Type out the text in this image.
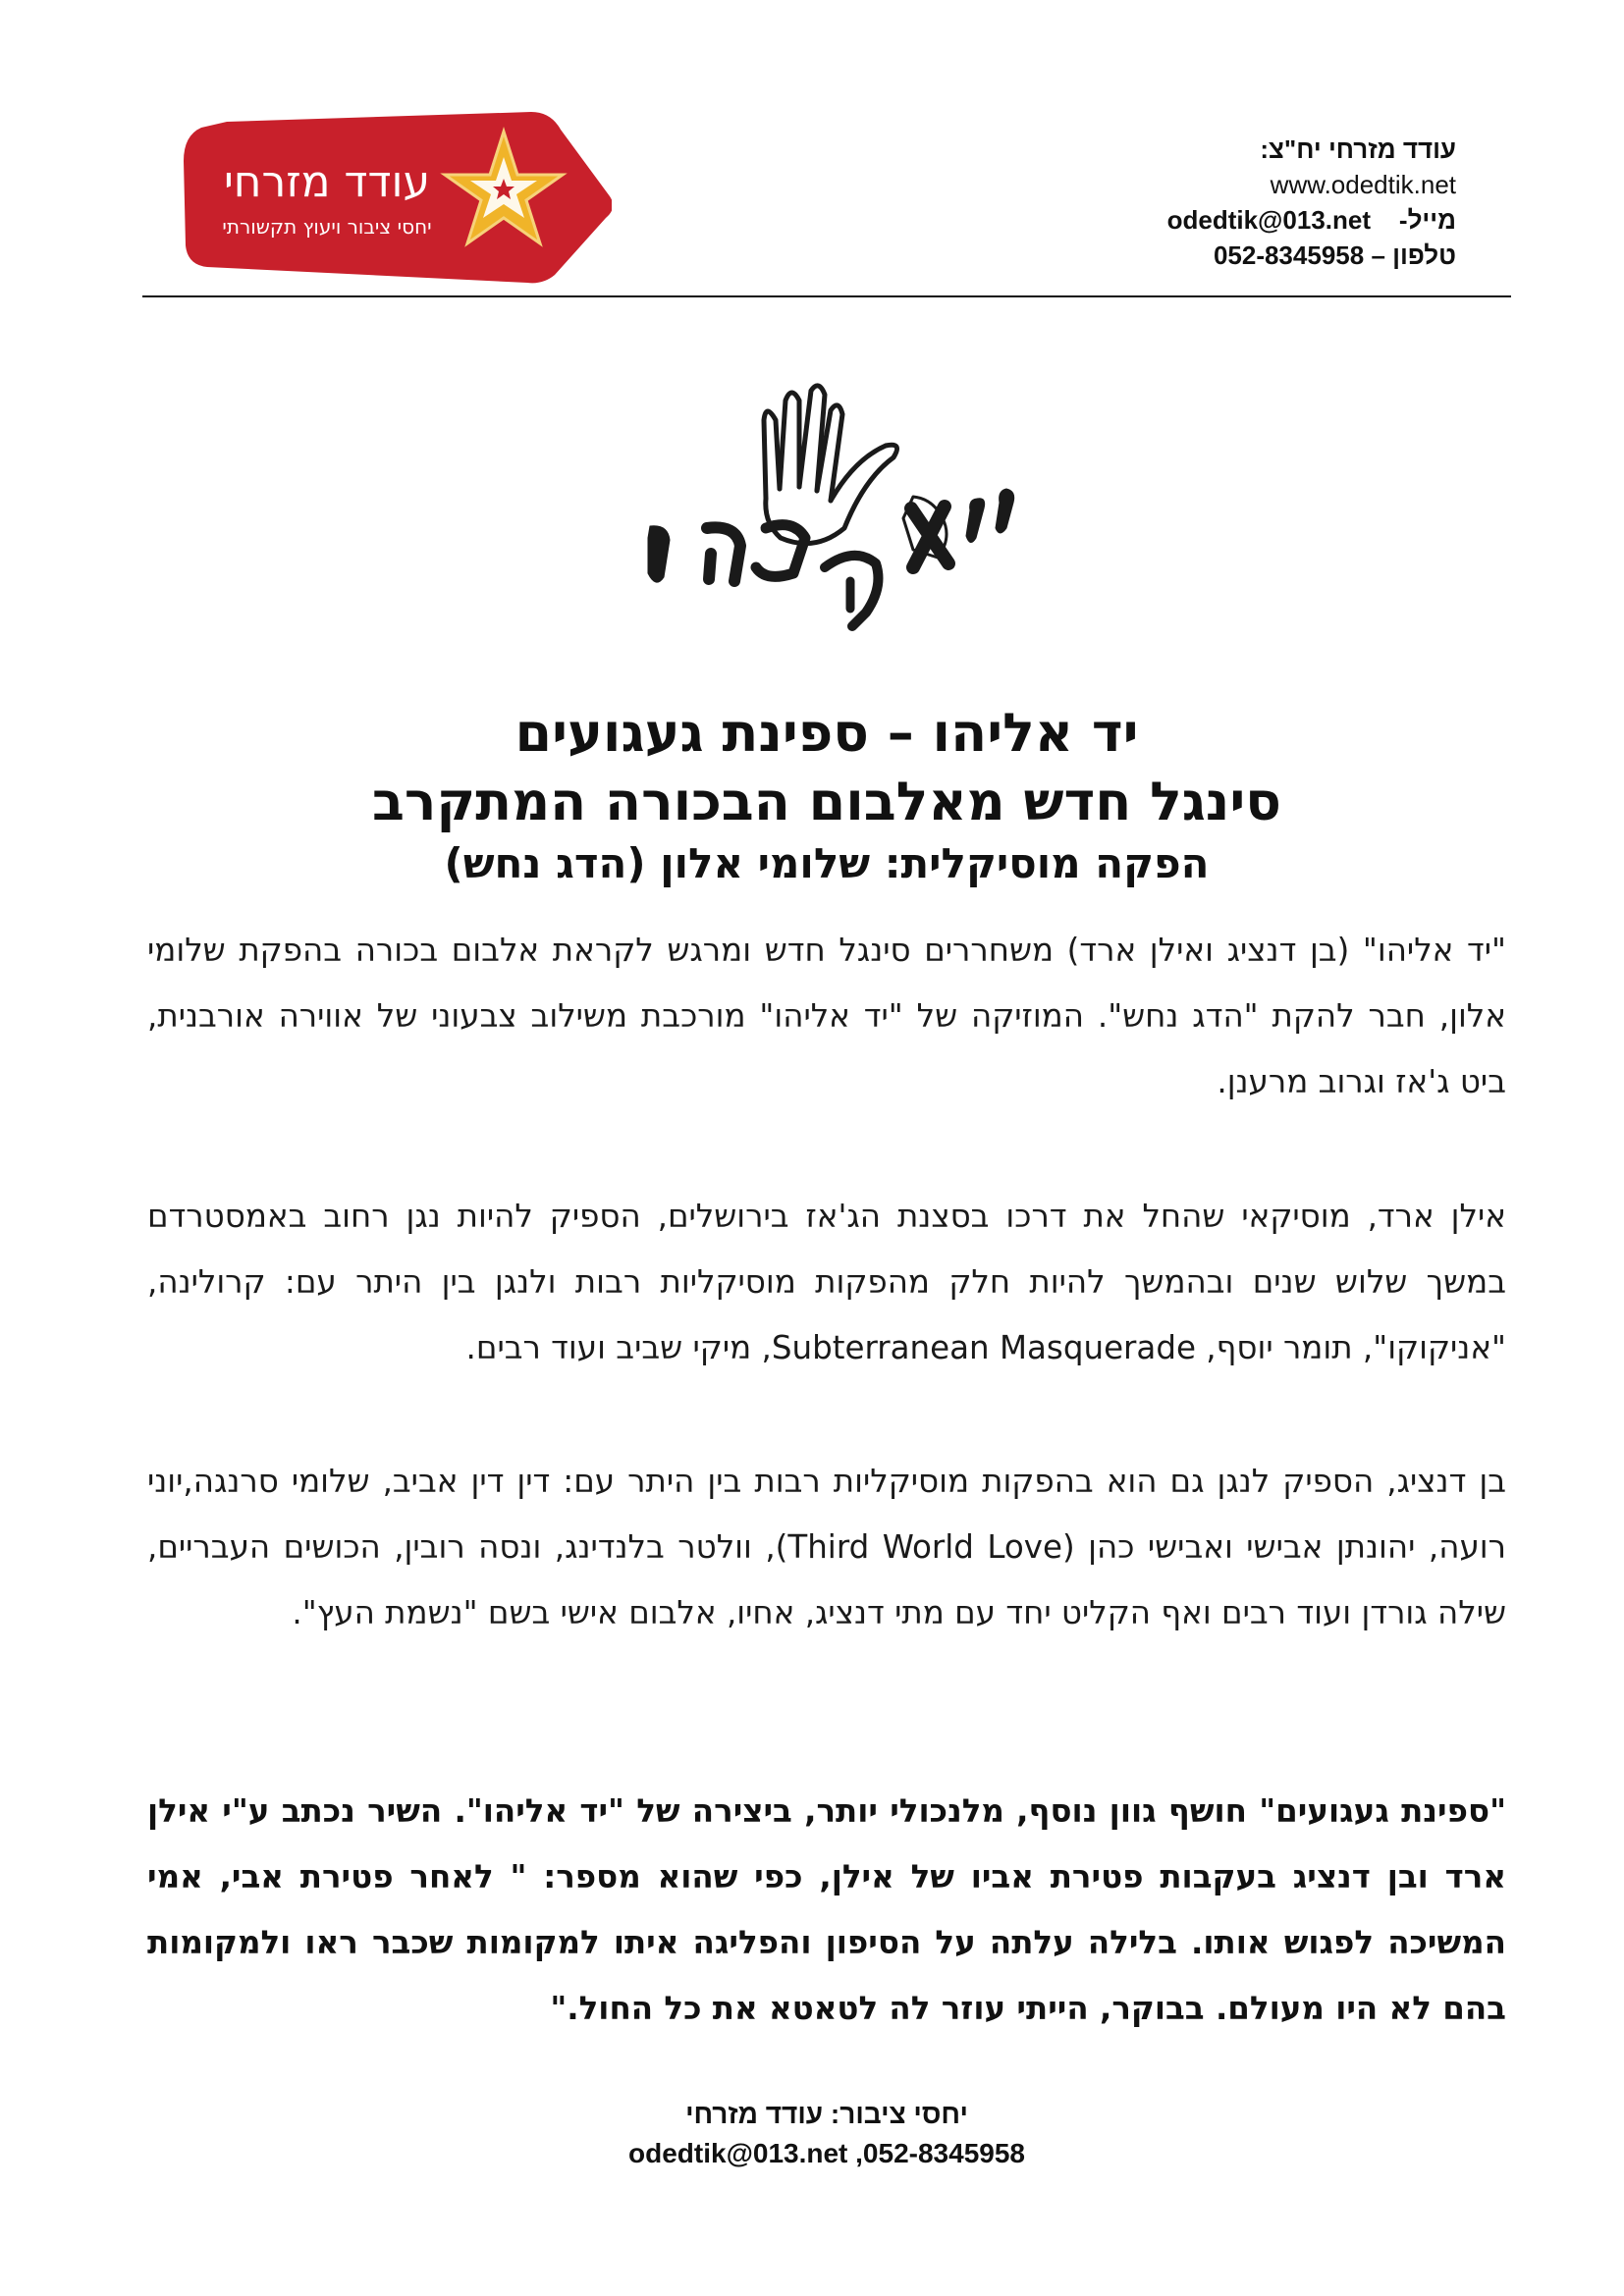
עודד מזרחי
יחסי ציבור ויעוץ תקשורתי
עודד מזרחי יח"צ:
www.odedtik.net
מייל-    odedtik@013.net
טלפון – 052-8345958
יד אליהו – ספינת געגועים
סינגל חדש מאלבום הבכורה המתקרב
הפקה מוסיקלית: שלומי אלון (הדג נחש)

"יד אליהו" (בן דנציג ואילן ארד) משחררים סינגל חדש ומרגש לקראת אלבום בכורה בהפקת שלומי אלון, חבר להקת "הדג נחש". המוזיקה של "יד אליהו" מורכבת משילוב צבעוני של אווירה אורבנית, ביט ג'אז וגרוב מרענן.

אילן ארד, מוסיקאי שהחל את דרכו בסצנת הג'אז בירושלים, הספיק להיות נגן רחוב באמסטרדם במשך שלוש שנים ובהמשך להיות חלק מהפקות מוסיקליות רבות ולנגן בין היתר עם: קרולינה, "אניקוקו", תומר יוסף, Subterranean Masquerade, מיקי שביב ועוד רבים.

בן דנציג, הספיק לנגן גם הוא בהפקות מוסיקליות רבות בין היתר עם: דין דין אביב, שלומי סרנגה,יוני רועה, יהונתן אבישי ואבישי כהן (Third World Love), וולטר בלנדינג, ונסה רובין, הכושים העבריים, שילה גורדן ועוד רבים ואף הקליט יחד עם מתי דנציג, אחיו, אלבום אישי בשם "נשמת העץ".

"ספינת געגועים" חושף גוון נוסף, מלנכולי יותר, ביצירה של "יד אליהו". השיר נכתב ע"י אילן ארד ובן דנציג בעקבות פטירת אביו של אילן, כפי שהוא מספר: " לאחר פטירת אבי, אמי המשיכה לפגוש אותו. בלילה עלתה על הסיפון והפליגה איתו למקומות שכבר ראו ולמקומות בהם לא היו מעולם. בבוקר, הייתי עוזר לה לטאטא את כל החול."

יחסי ציבור: עודד מזרחי
odedtik@013.net ,052-8345958
